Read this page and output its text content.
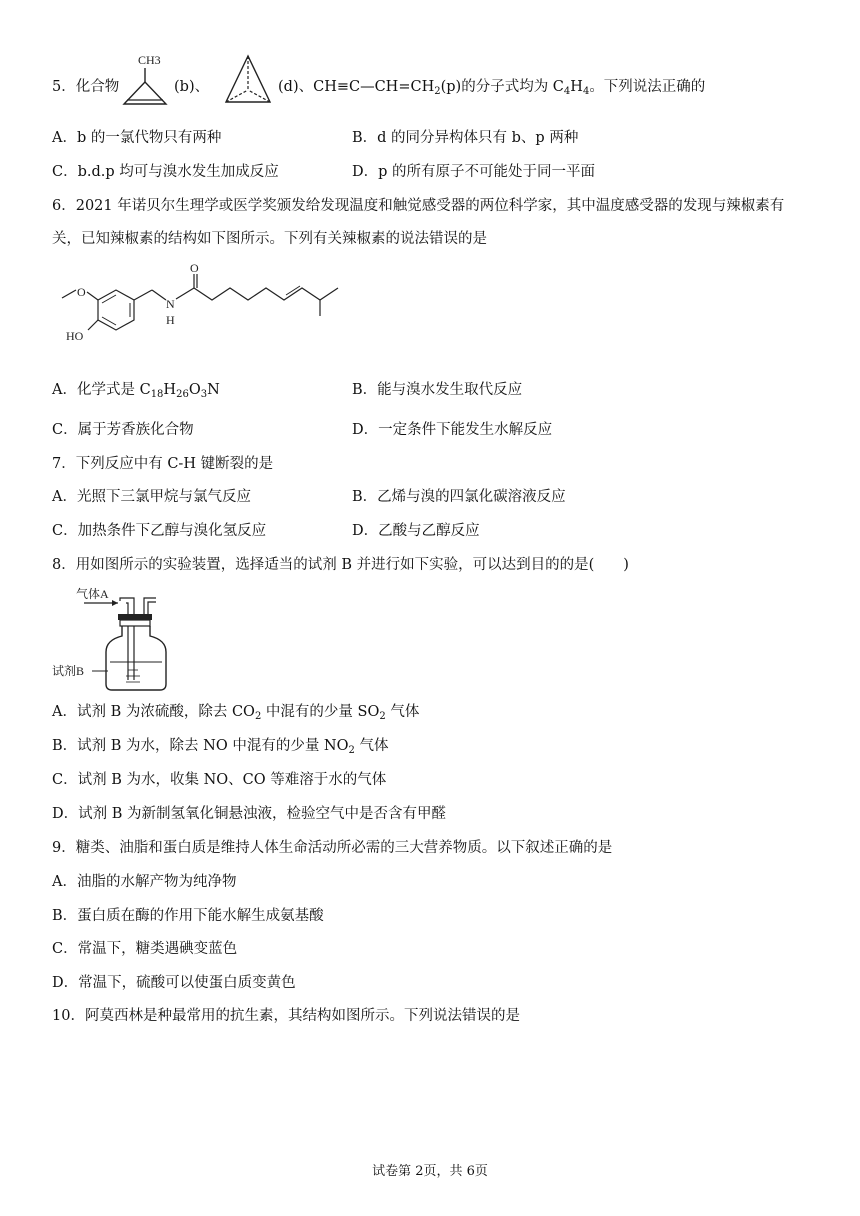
5．化合物
CH3
(b)、	(d)、$CH\equiv C—CH=CH_2(p)$的分子式均为 $C_4H_4$。下列说法正确的
A．b 的一氯代物只有两种	B．d 的同分异构体只有 b、p 两种
C．b.d.p 均可与溴水发生加成反应	D．p 的所有原子不可能处于同一平面
6．2021 年诺贝尔生理学或医学奖颁发给发现温度和触觉感受器的两位科学家，其中温度感受器的发现与辣椒素有
关，已知辣椒素的结构如下图所示。下列有关辣椒素的说法错误的是
O
HO
N
H
O
A．化学式是 $C_{18}H_{26}O_3N$	B．能与溴水发生取代反应
C．属于芳香族化合物	D．一定条件下能发生水解反应
7．下列反应中有 C-H 键断裂的是
A．光照下三氯甲烷与氯气反应	B．乙烯与溴的四氯化碳溶液反应
C．加热条件下乙醇与溴化氢反应	D．乙酸与乙醇反应
8．用如图所示的实验装置，选择适当的试剂 B 并进行如下实验，可以达到目的的是(　　)
气体A
试剂B
A．试剂 B 为浓硫酸，除去 $CO_2$ 中混有的少量 $SO_2$ 气体
B．试剂 B 为水，除去 NO 中混有的少量 $NO_2$ 气体
C．试剂 B 为水，收集 NO、CO 等难溶于水的气体
D．试剂 B 为新制氢氧化铜悬浊液，检验空气中是否含有甲醛
9．糖类、油脂和蛋白质是维持人体生命活动所必需的三大营养物质。以下叙述正确的是
A．油脂的水解产物为纯净物
B．蛋白质在酶的作用下能水解生成氨基酸
C．常温下，糖类遇碘变蓝色
D．常温下，硫酸可以使蛋白质变黄色
10．阿莫西林是种最常用的抗生素，其结构如图所示。下列说法错误的是
试卷第 2页，共 6页
